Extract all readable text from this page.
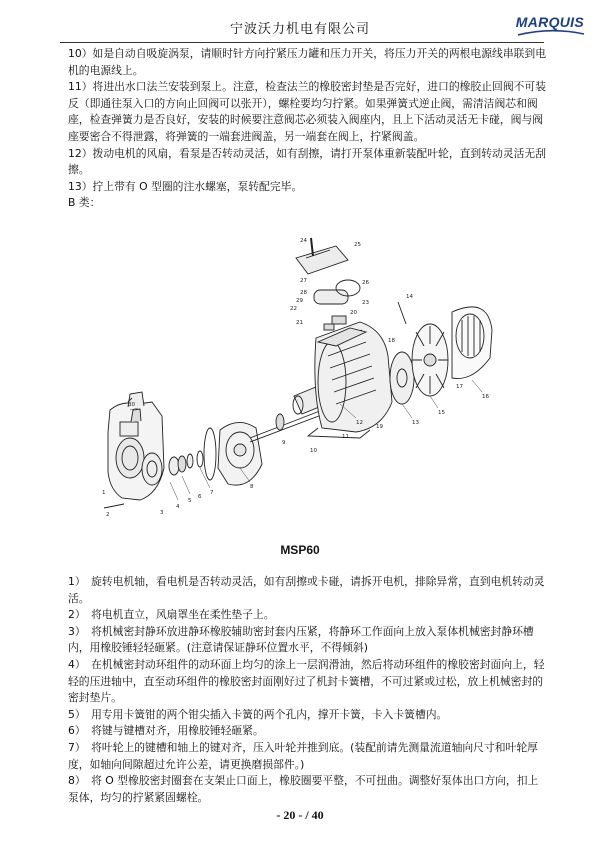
宁波沃力机电有限公司	MARQUIS

10）如是自动自吸旋涡泵，请顺时针方向拧紧压力罐和压力开关，将压力开关的两根电源线串联到电机的电源线上。

11）将进出水口法兰安装到泵上。注意，检查法兰的橡胶密封垫是否完好，进口的橡胶止回阀不可装反（即通往泵入口的方向止回阀可以张开），螺栓要均匀拧紧。如果弹簧式逆止阀，需清洁阀芯和阀座，检查弹簧力是否良好，安装的时候要注意阀芯必须装入阀座内，且上下活动灵活无卡碰，阀与阀座要密合不得泄露，将弹簧的一端套进阀盖，另一端套在阀上，拧紧阀盖。

12）拨动电机的风扇，看泵是否转动灵活，如有刮擦，请打开泵体重新装配叶轮，直到转动灵活无刮擦。

13）拧上带有 O 型圈的注水螺塞，泵转配完毕。

B 类：

30
1
2	3
4
5
6
7
8
9
10
11
12	13
14
15
16
17
18
19
20
21
22
23
24
25
26
27
28
29
MSP60

1）　旋转电机轴，看电机是否转动灵活，如有刮擦或卡碰，请拆开电机，排除异常，直到电机转动灵活。

2）　将电机直立，风扇罩坐在柔性垫子上。

3）　将机械密封静环放进静环橡胶辅助密封套内压紧，将静环工作面向上放入泵体机械密封静环槽内，用橡胶锤轻轻砸紧。(注意请保证静环位置水平，不得倾斜)

4）　在机械密封动环组件的动环面上均匀的涂上一层润滑油，然后将动环组件的橡胶密封面向上，轻轻的压进轴中，直至动环组件的橡胶密封面刚好过了机封卡簧槽，不可过紧或过松，放上机械密封的密封垫片。

5）　用专用卡簧钳的两个钳尖插入卡簧的两个孔内，撑开卡簧，卡入卡簧槽内。

6）　将键与键槽对齐，用橡胶锤轻砸紧。

7）　将叶轮上的键槽和轴上的键对齐，压入叶轮并推到底。(装配前请先测量流道轴向尺寸和叶轮厚度，如轴向间隙超过允许公差，请更换磨损部件。)

8）　将 O 型橡胶密封圈套在支架止口面上，橡胶圈要平整，不可扭曲。调整好泵体出口方向，扣上泵体，均匀的拧紧紧固螺栓。

- 20 - / 40
